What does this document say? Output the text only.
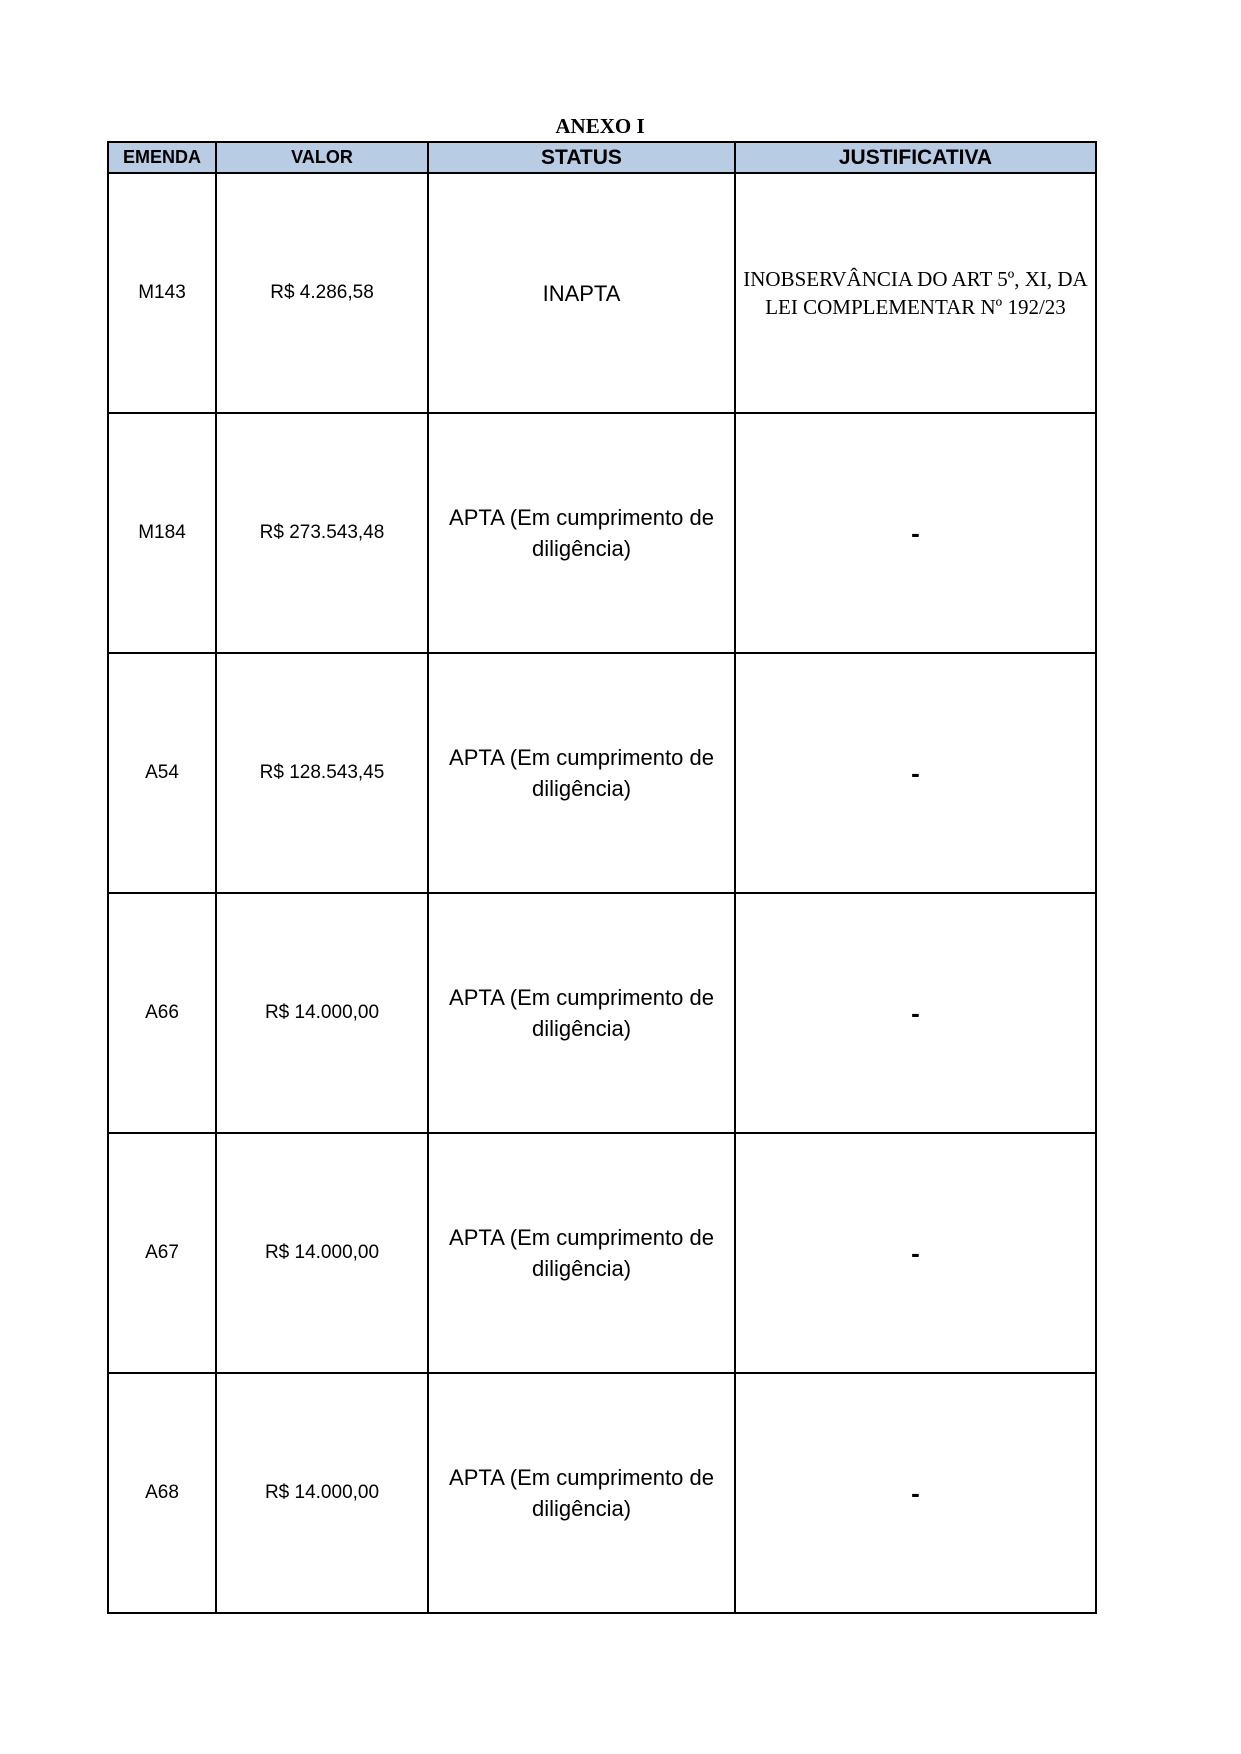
ANEXO I
EMENDA	VALOR	STATUS	JUSTIFICATIVA
M143	R$ 4.286,58	INAPTA	INOBSERVÂNCIA DO ART 5º, XI, DA LEI COMPLEMENTAR Nº 192/23
M184	R$ 273.543,48	APTA (Em cumprimento de diligência)	-
A54	R$ 128.543,45	APTA (Em cumprimento de diligência)	-
A66	R$ 14.000,00	APTA (Em cumprimento de diligência)	-
A67	R$ 14.000,00	APTA (Em cumprimento de diligência)	-
A68	R$ 14.000,00	APTA (Em cumprimento de diligência)	-
